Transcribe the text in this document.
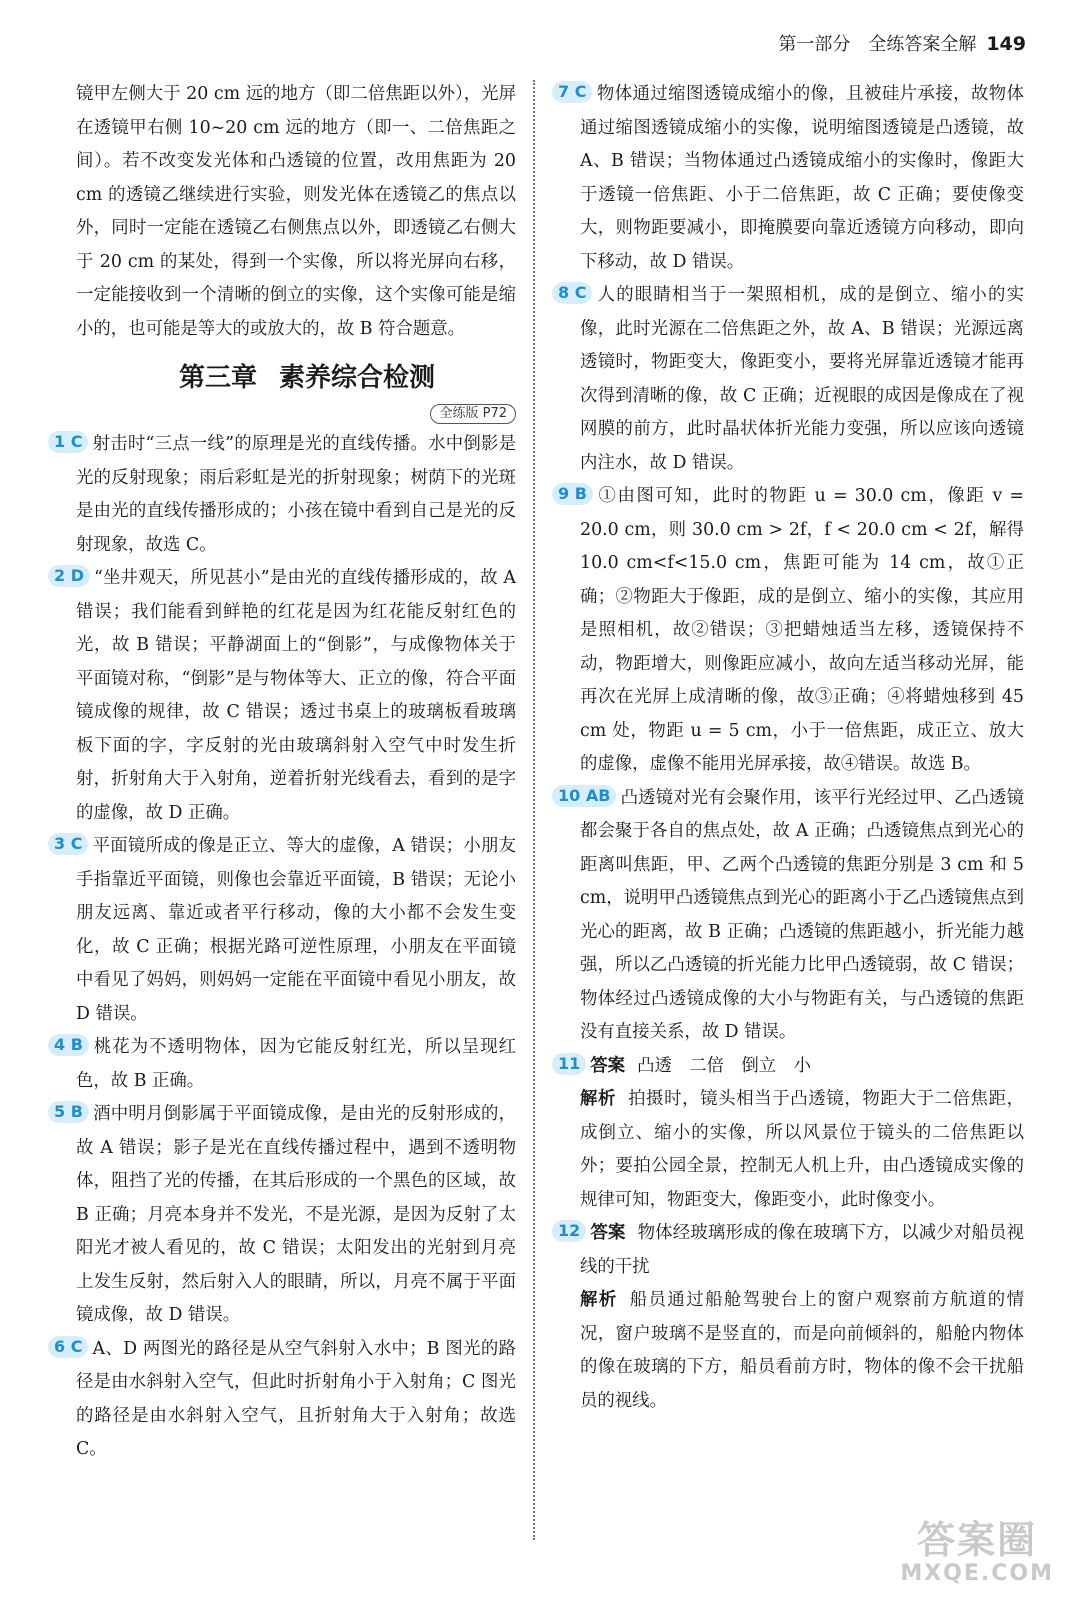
第一部分 全练答案全解 149

镜甲左侧大于 20 cm 远的地方（即二倍焦距以外），光屏在透镜甲右侧 10~20 cm 远的地方（即一、二倍焦距之间）。若不改变发光体和凸透镜的位置，改用焦距为 20 cm 的透镜乙继续进行实验，则发光体在透镜乙的焦点以外，同时一定能在透镜乙右侧焦点以外，即透镜乙右侧大于 20 cm 的某处，得到一个实像，所以将光屏向右移，一定能接收到一个清晰的倒立的实像，这个实像可能是缩小的，也可能是等大的或放大的，故 B 符合题意。

第三章 素养综合检测
全练版 P72

1 C 射击时“三点一线”的原理是光的直线传播。水中倒影是光的反射现象；雨后彩虹是光的折射现象；树荫下的光斑是由光的直线传播形成的；小孩在镜中看到自己是光的反射现象，故选 C。

2 D “坐井观天，所见甚小”是由光的直线传播形成的，故 A 错误；我们能看到鲜艳的红花是因为红花能反射红色的光，故 B 错误；平静湖面上的“倒影”，与成像物体关于平面镜对称，“倒影”是与物体等大、正立的像，符合平面镜成像的规律，故 C 错误；透过书桌上的玻璃板看玻璃板下面的字，字反射的光由玻璃斜射入空气中时发生折射，折射角大于入射角，逆着折射光线看去，看到的是字的虚像，故 D 正确。

3 C 平面镜所成的像是正立、等大的虚像，A 错误；小朋友手指靠近平面镜，则像也会靠近平面镜，B 错误；无论小朋友远离、靠近或者平行移动，像的大小都不会发生变化，故 C 正确；根据光路可逆性原理，小朋友在平面镜中看见了妈妈，则妈妈一定能在平面镜中看见小朋友，故 D 错误。

4 B 桃花为不透明物体，因为它能反射红光，所以呈现红色，故 B 正确。

5 B 酒中明月倒影属于平面镜成像，是由光的反射形成的，故 A 错误；影子是光在直线传播过程中，遇到不透明物体，阻挡了光的传播，在其后形成的一个黑色的区域，故 B 正确；月亮本身并不发光，不是光源，是因为反射了太阳光才被人看见的，故 C 错误；太阳发出的光射到月亮上发生反射，然后射入人的眼睛，所以，月亮不属于平面镜成像，故 D 错误。

6 C A、D 两图光的路径是从空气斜射入水中；B 图光的路径是由水斜射入空气，但此时折射角小于入射角；C 图光的路径是由水斜射入空气，且折射角大于入射角；故选 C。

7 C 物体通过缩图透镜成缩小的像，且被硅片承接，故物体通过缩图透镜成缩小的实像，说明缩图透镜是凸透镜，故 A、B 错误；当物体通过凸透镜成缩小的实像时，像距大于透镜一倍焦距、小于二倍焦距，故 C 正确；要使像变大，则物距要减小，即掩膜要向靠近透镜方向移动，即向下移动，故 D 错误。

8 C 人的眼睛相当于一架照相机，成的是倒立、缩小的实像，此时光源在二倍焦距之外，故 A、B 错误；光源远离透镜时，物距变大，像距变小，要将光屏靠近透镜才能再次得到清晰的像，故 C 正确；近视眼的成因是像成在了视网膜的前方，此时晶状体折光能力变强，所以应该向透镜内注水，故 D 错误。

9 B ①由图可知，此时的物距 u = 30.0 cm，像距 v = 20.0 cm，则 30.0 cm > 2f，f < 20.0 cm < 2f，解得 10.0 cm<f<15.0 cm，焦距可能为 14 cm，故①正确；②物距大于像距，成的是倒立、缩小的实像，其应用是照相机，故②错误；③把蜡烛适当左移，透镜保持不动，物距增大，则像距应减小，故向左适当移动光屏，能再次在光屏上成清晰的像，故③正确；④将蜡烛移到 45 cm 处，物距 u = 5 cm，小于一倍焦距，成正立、放大的虚像，虚像不能用光屏承接，故④错误。故选 B。

10 AB 凸透镜对光有会聚作用，该平行光经过甲、乙凸透镜都会聚于各自的焦点处，故 A 正确；凸透镜焦点到光心的距离叫焦距，甲、乙两个凸透镜的焦距分别是 3 cm 和 5 cm，说明甲凸透镜焦点到光心的距离小于乙凸透镜焦点到光心的距离，故 B 正确；凸透镜的焦距越小，折光能力越强，所以乙凸透镜的折光能力比甲凸透镜弱，故 C 错误；物体经过凸透镜成像的大小与物距有关，与凸透镜的焦距没有直接关系，故 D 错误。

11 答案 凸透　二倍　倒立　小

解析 拍摄时，镜头相当于凸透镜，物距大于二倍焦距，成倒立、缩小的实像，所以风景位于镜头的二倍焦距以外；要拍公园全景，控制无人机上升，由凸透镜成实像的规律可知，物距变大，像距变小，此时像变小。

12 答案 物体经玻璃形成的像在玻璃下方，以减少对船员视线的干扰

解析 船员通过船舱驾驶台上的窗户观察前方航道的情况，窗户玻璃不是竖直的，而是向前倾斜的，船舱内物体的像在玻璃的下方，船员看前方时，物体的像不会干扰船员的视线。

答案圈
MXQE.COM
